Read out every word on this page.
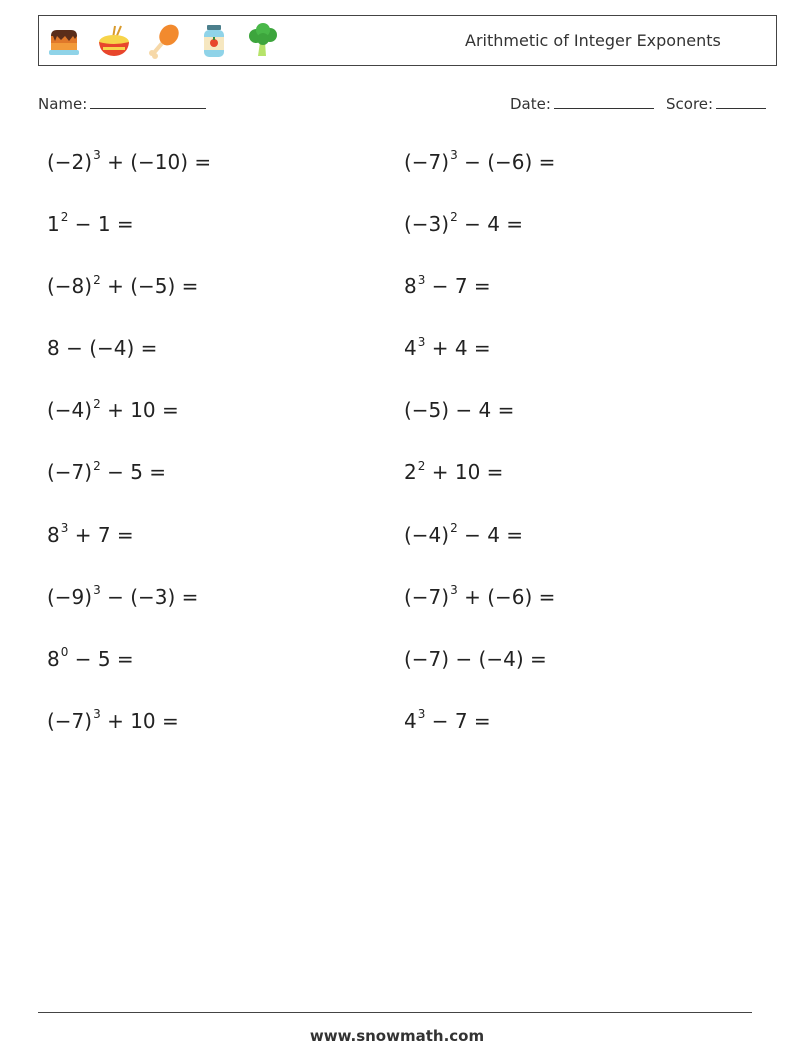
Arithmetic of Integer Exponents
Name:	Date:	Score:
$(-2)^3 + (-10)$ =	$(-7)^3 - (-6)$ =
$1^2 - 1$ =	$(-3)^2 - 4$ =
$(-8)^2 + (-5)$ =	$8^3 - 7$ =
8 − (−4) =	$4^3 + 4$ =
$(-4)^2 + 10$ =	(−5) − 4 =
$(-7)^2 - 5$ =	$2^2 + 10$ =
$8^3 + 7$ =	$(-4)^2 - 4$ =
$(-9)^3 - (-3)$ =	$(-7)^3 + (-6)$ =
$8^0 - 5$ =	(−7) − (−4) =
$(-7)^3 + 10$ =	$4^3 - 7$ =
www.snowmath.com
